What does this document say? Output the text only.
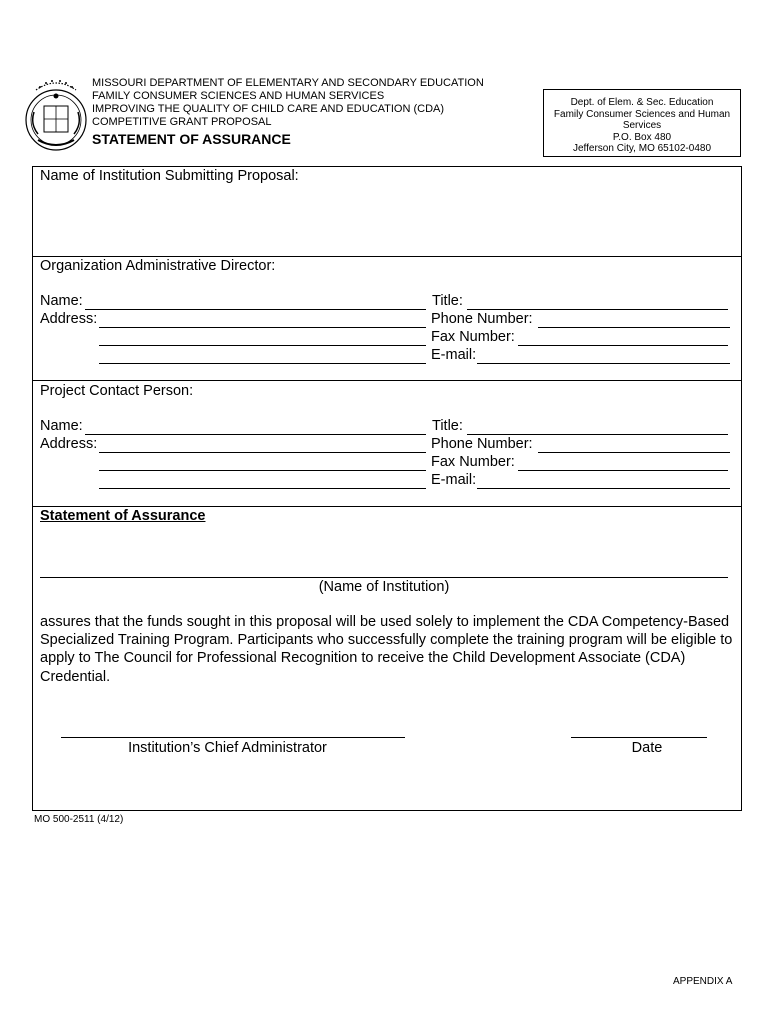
MISSOURI DEPARTMENT OF ELEMENTARY AND SECONDARY EDUCATION
FAMILY CONSUMER SCIENCES AND HUMAN SERVICES
IMPROVING THE QUALITY OF CHILD CARE AND EDUCATION (CDA)
COMPETITIVE GRANT PROPOSAL
STATEMENT OF ASSURANCE
Dept. of Elem. & Sec. Education
Family Consumer Sciences and Human
Services
P.O. Box 480
Jefferson City, MO 65102-0480
Name of Institution Submitting Proposal:
Organization Administrative Director:
Name:	Title:
Address:	Phone Number:
Fax Number:
E-mail:
Project Contact Person:
Name:	Title:
Address:	Phone Number:
Fax Number:
E-mail:
Statement of Assurance
(Name of Institution)
assures that the funds sought in this proposal will be used solely to implement the CDA Competency-Based Specialized Training Program. Participants who successfully complete the training program will be eligible to apply to The Council for Professional Recognition to receive the Child Development Associate (CDA) Credential.
Institution’s Chief Administrator	Date
MO 500-2511 (4/12)
APPENDIX A
